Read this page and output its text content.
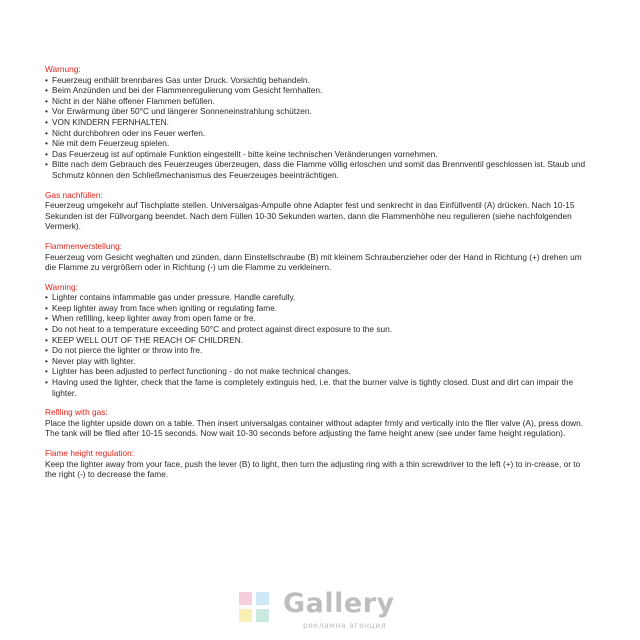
Warnung:
• Feuerzeug enthält brennbares Gas unter Druck. Vorsichtig behandeln.
• Beim Anzünden und bei der Flammenregulierung vom Gesicht fernhalten.
• Nicht in der Nähe offener Flammen befüllen.
• Vor Erwärmung über 50°C und längerer Sonneneinstrahlung schützen.
• VON KINDERN FERNHALTEN.
• Nicht durchbohren oder ins Feuer werfen.
• Nie mit dem Feuerzeug spielen.
• Das Feuerzeug ist auf optimale Funktion eingestellt - bitte keine technischen Veränderungen vornehmen.
• Bitte nach dem Gebrauch des Feuerzeuges überzeugen, dass die Flamme völlig erloschen und somit das Brennventil geschlossen ist. Staub und Schmutz können den Schließmechanismus des Feuerzeuges beeinträchtigen.
Gas nachfüllen:
Feuerzeug umgekehr auf Tischplatte stellen. Universalgas-Ampulle ohne Adapter fest und senkrecht in das Einfüllventil (A) drücken. Nach 10-15 Sekunden ist der Füllvorgang beendet. Nach dem Füllen 10-30 Sekunden warten, dann die Flammenhöhe neu regulieren (siehe nachfolgenden Vermerk).
Flammenverstellung:
Feuerzeug vom Gesicht weghalten und zünden, dann Einstellschraube (B) mit kleinem Schraubenzieher oder der Hand in Richtung (+) drehen um die Flamme zu vergrößern oder in Richtung (-) um die Flamme zu verkleinern.
Warning:
• Lighter contains infammable gas under pressure. Handle carefully.
• Keep lighter away from face when igniting or regulating fame.
• When refilling, keep lighter away from open fame or fre.
• Do not heat to a temperature exceeding 50°C and protect against direct exposure to the sun.
• KEEP WELL OUT OF THE REACH OF CHILDREN.
• Do not pierce the lighter or throw into fre.
• Never play with lighter.
• Lighter has been adjusted to perfect functioning - do not make technical changes.
• Having used the lighter, check that the fame is completely extinguis hed, i.e. that the burner valve is tightly closed. Dust and dirt can impair the lighter.
Reflling with gas:
Place the lighter upside down on a table. Then insert universalgas container without adapter frmly and vertically into the fller valve (A), press down. The tank will be flled after 10-15 seconds. Now wait 10-30 seconds before adjusting the fame height anew (see under fame height regulation).
Flame height regulation:
Keep the lighter away from your face, push the lever (B) to light, then turn the adjusting ring with a thin screwdriver to the left (+) to in-crease, or to the right (-) to decrease the fame.
Gallery
рекламна агенция
